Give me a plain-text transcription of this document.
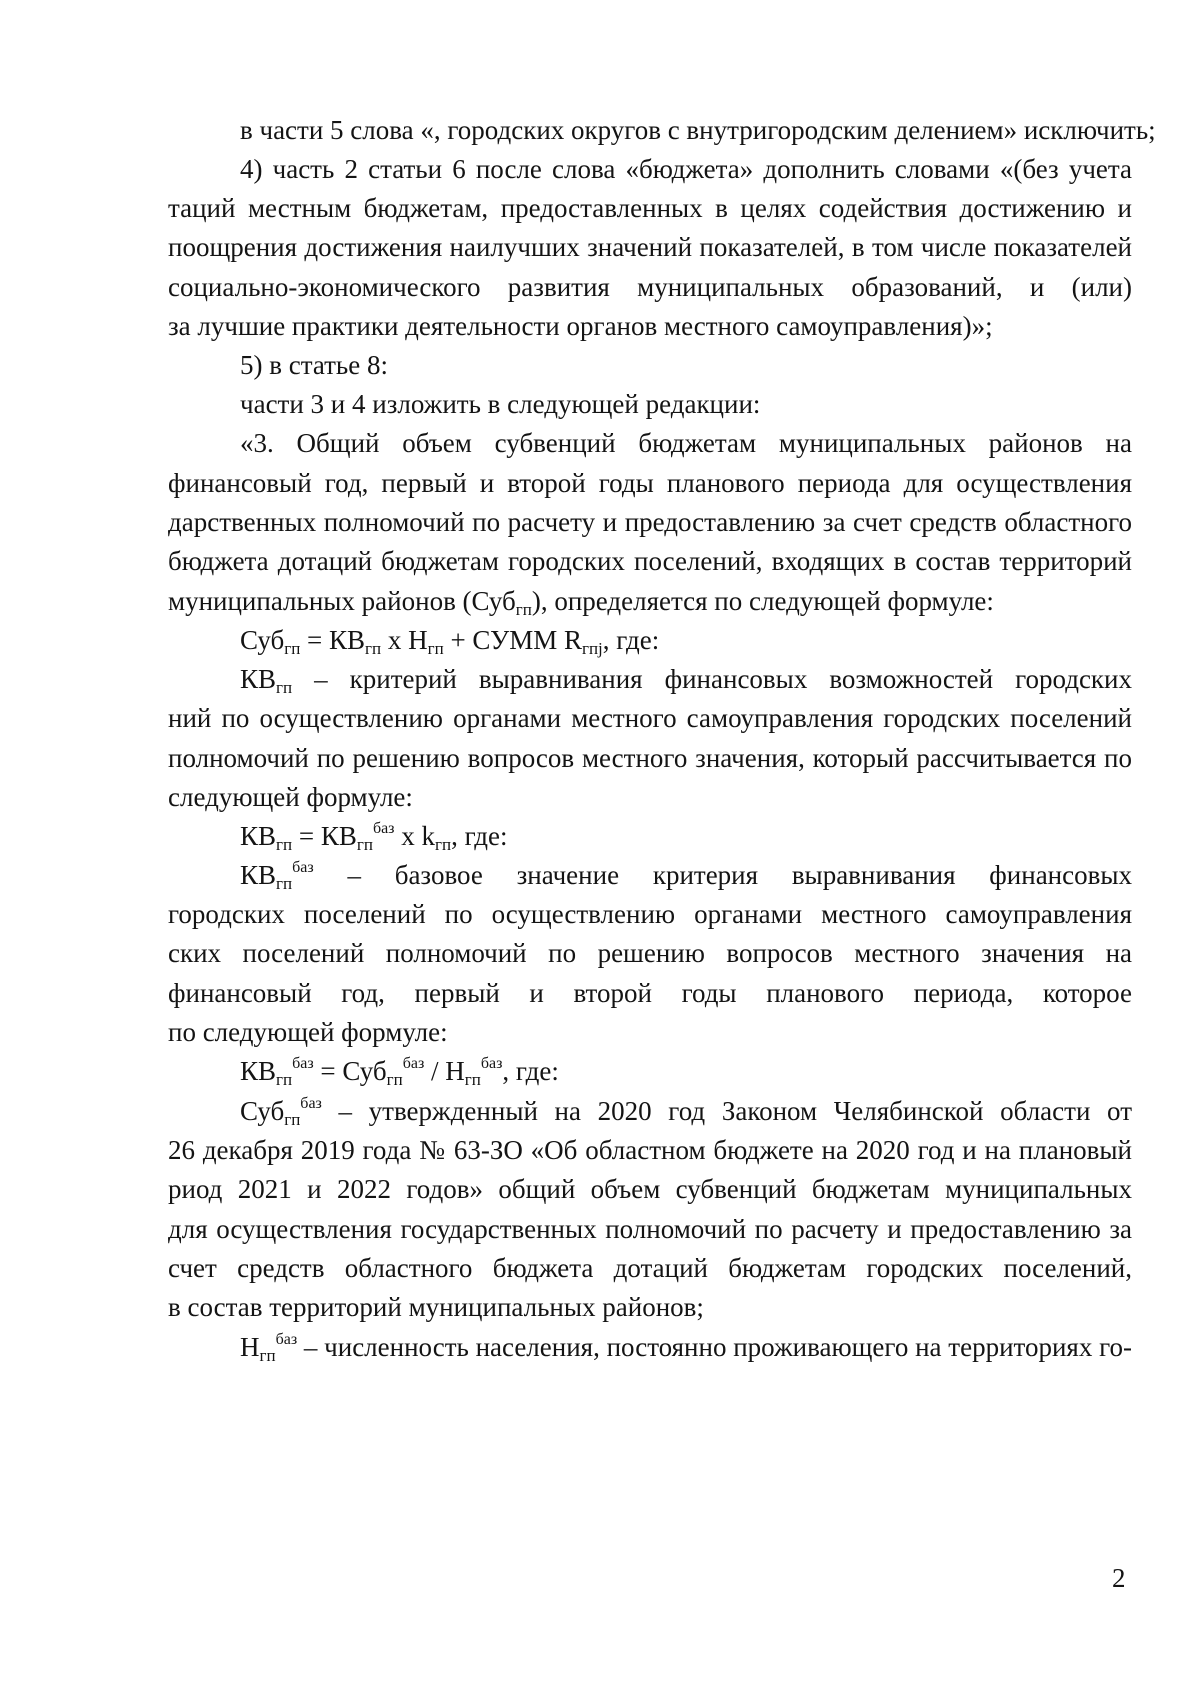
в части 5 слова «, городских округов с внутригородским делением» исключить;
4) часть 2 статьи 6 после слова «бюджета» дополнить словами «(без учета
таций местным бюджетам, предоставленных в целях содействия достижению и
поощрения достижения наилучших значений показателей, в том числе показателей
социально-экономического развития муниципальных образований, и (или)
за лучшие практики деятельности органов местного самоуправления)»;
5) в статье 8:
части 3 и 4 изложить в следующей редакции:
«3. Общий объем субвенций бюджетам муниципальных районов на
финансовый год, первый и второй годы планового периода для осуществления
дарственных полномочий по расчету и предоставлению за счет средств областного
бюджета дотаций бюджетам городских поселений, входящих в состав территорий
муниципальных районов (Суб$_{гп}$), определяется по следующей формуле:
$Суб_{гп} = КВ_{гп}$ х $Н_{гп}$ + СУММ $R_{гпj}$, где:
$КВ_{гп}$ – критерий выравнивания финансовых возможностей городских
ний по осуществлению органами местного самоуправления городских поселений
полномочий по решению вопросов местного значения, который рассчитывается по
следующей формуле:
$КВ_{гп} = КВ_{гп}^{баз}$ х $k_{гп}$, где:
$КВ_{гп}^{баз}$ – базовое значение критерия выравнивания финансовых
городских поселений по осуществлению органами местного самоуправления
ских поселений полномочий по решению вопросов местного значения на
финансовый год, первый и второй годы планового периода, которое
по следующей формуле:
$КВ_{гп}^{баз} = Суб_{гп}^{баз} / Н_{гп}^{баз}$, где:
Суб$_{гп}^{баз}$ – утвержденный на 2020 год Законом Челябинской области от
26 декабря 2019 года № 63-ЗО «Об областном бюджете на 2020 год и на плановый
риод 2021 и 2022 годов» общий объем субвенций бюджетам муниципальных
для осуществления государственных полномочий по расчету и предоставлению за
счет средств областного бюджета дотаций бюджетам городских поселений,
в состав территорий муниципальных районов;
$Н_{гп}^{баз}$ – численность населения, постоянно проживающего на территориях го-
2
